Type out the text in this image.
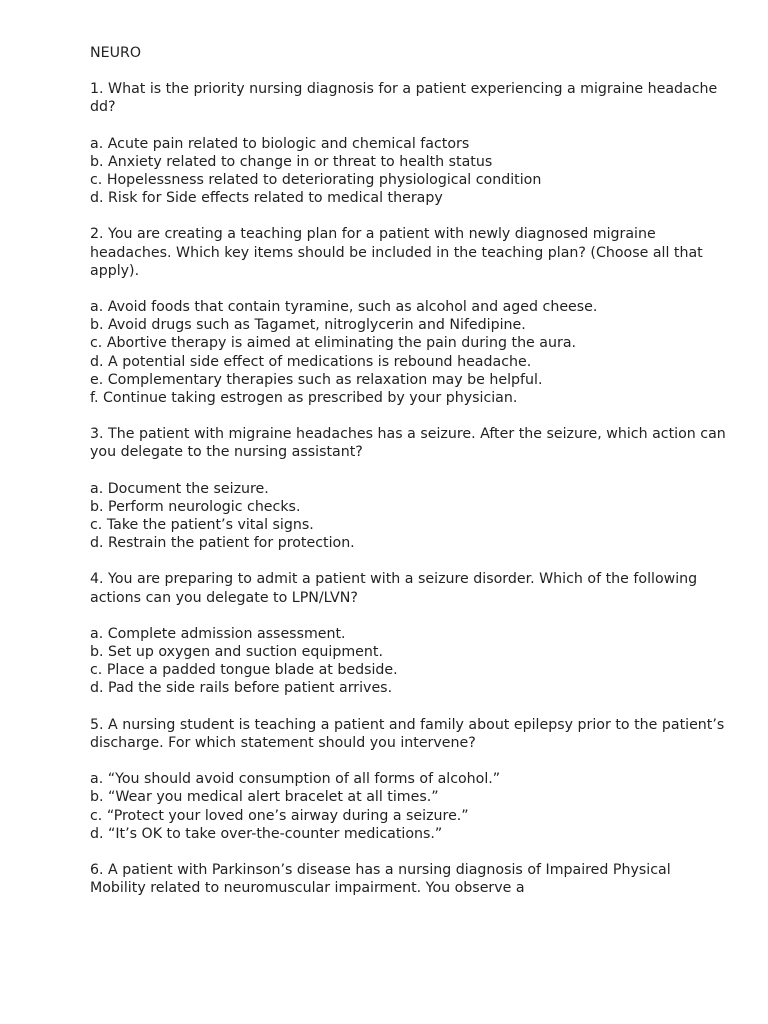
NEURO
1. What is the priority nursing diagnosis for a patient experiencing a migraine headache dd?
a. Acute pain related to biologic and chemical factors
b. Anxiety related to change in or threat to health status
c. Hopelessness related to deteriorating physiological condition
d. Risk for Side effects related to medical therapy
2. You are creating a teaching plan for a patient with newly diagnosed migraine headaches. Which key items should be included in the teaching plan? (Choose all that apply).
a. Avoid foods that contain tyramine, such as alcohol and aged cheese.
b. Avoid drugs such as Tagamet, nitroglycerin and Nifedipine.
c. Abortive therapy is aimed at eliminating the pain during the aura.
d. A potential side effect of medications is rebound headache.
e. Complementary therapies such as relaxation may be helpful.
f. Continue taking estrogen as prescribed by your physician.
3. The patient with migraine headaches has a seizure. After the seizure, which action can you delegate to the nursing assistant?
a. Document the seizure.
b. Perform neurologic checks.
c. Take the patient’s vital signs.
d. Restrain the patient for protection.
4. You are preparing to admit a patient with a seizure disorder. Which of the following actions can you delegate to LPN/LVN?
a. Complete admission assessment.
b. Set up oxygen and suction equipment.
c. Place a padded tongue blade at bedside.
d. Pad the side rails before patient arrives.
5. A nursing student is teaching a patient and family about epilepsy prior to the patient’s discharge. For which statement should you intervene?
a. “You should avoid consumption of all forms of alcohol.”
b. “Wear you medical alert bracelet at all times.”
c. “Protect your loved one’s airway during a seizure.”
d. “It’s OK to take over-the-counter medications.”
6. A patient with Parkinson’s disease has a nursing diagnosis of Impaired Physical Mobility related to neuromuscular impairment. You observe a
